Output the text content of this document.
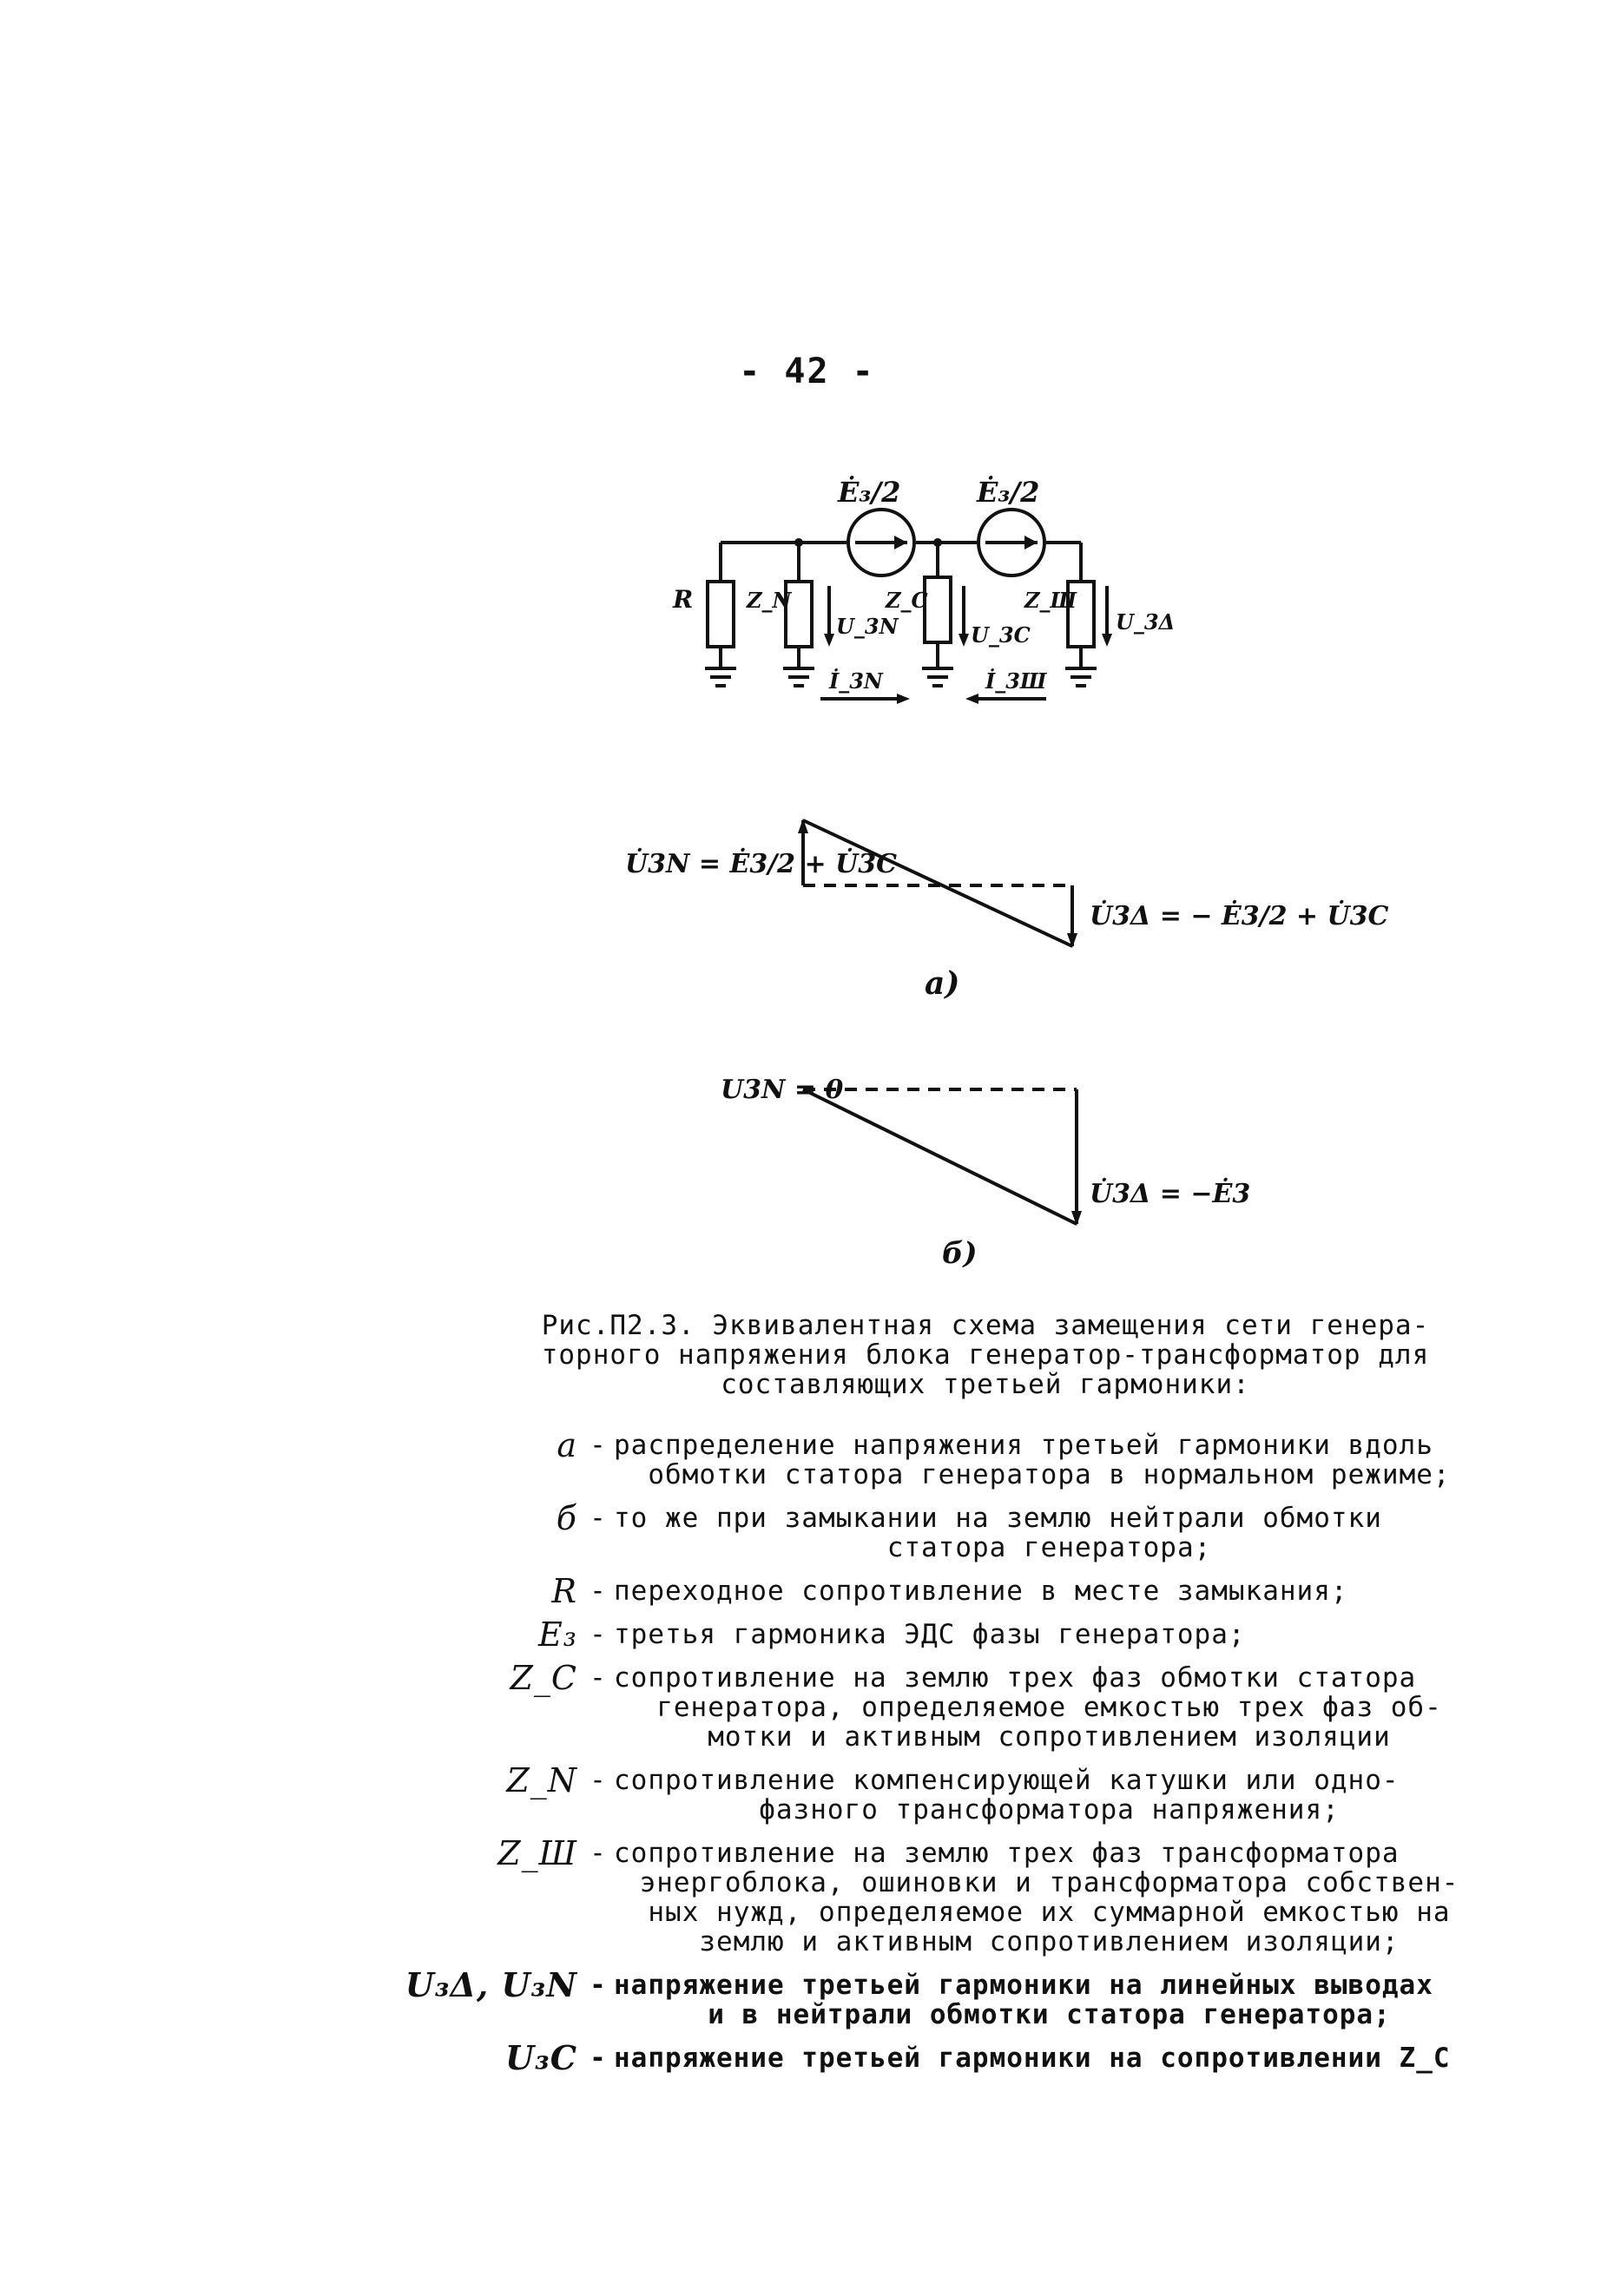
- 42 -
Ė₃/2	Ė₃/2
R	Z_N	Z_C	Z_Ш
U_3N	U_3C
U_3Δ
İ_3N	İ_3Ш
U̇3N = Ė3/2 + U̇3C
U̇3Δ = − Ė3/2 + U̇3C
а)
U3N = 0
U̇3Δ = −Ė3
б)
Рис.П2.3. Эквивалентная схема замещения сети генера-
торного напряжения блока генератор-трансформатор для
составляющих третьей гармоники:
а - распределение напряжения третьей гармоники вдоль
обмотки статора генератора в нормальном режиме;
б - то же при замыкании на землю нейтрали обмотки
статора генератора;
R - переходное сопротивление в месте замыкания;
E₃ - третья гармоника ЭДС фазы генератора;
Z_C - сопротивление на землю трех фаз обмотки статора
генератора, определяемое емкостью трех фаз об-
мотки и активным сопротивлением изоляции
Z_N - сопротивление компенсирующей катушки или одно-
фазного трансформатора напряжения;
Z_Ш - сопротивление на землю трех фаз трансформатора
энергоблока, ошиновки и трансформатора собствен-
ных нужд, определяемое их суммарной емкостью на
землю и активным сопротивлением изоляции;
U₃Δ, U₃N - напряжение третьей гармоники на линейных выводах
и в нейтрали обмотки статора генератора;
U₃C - напряжение третьей гармоники на сопротивлении Z_C
